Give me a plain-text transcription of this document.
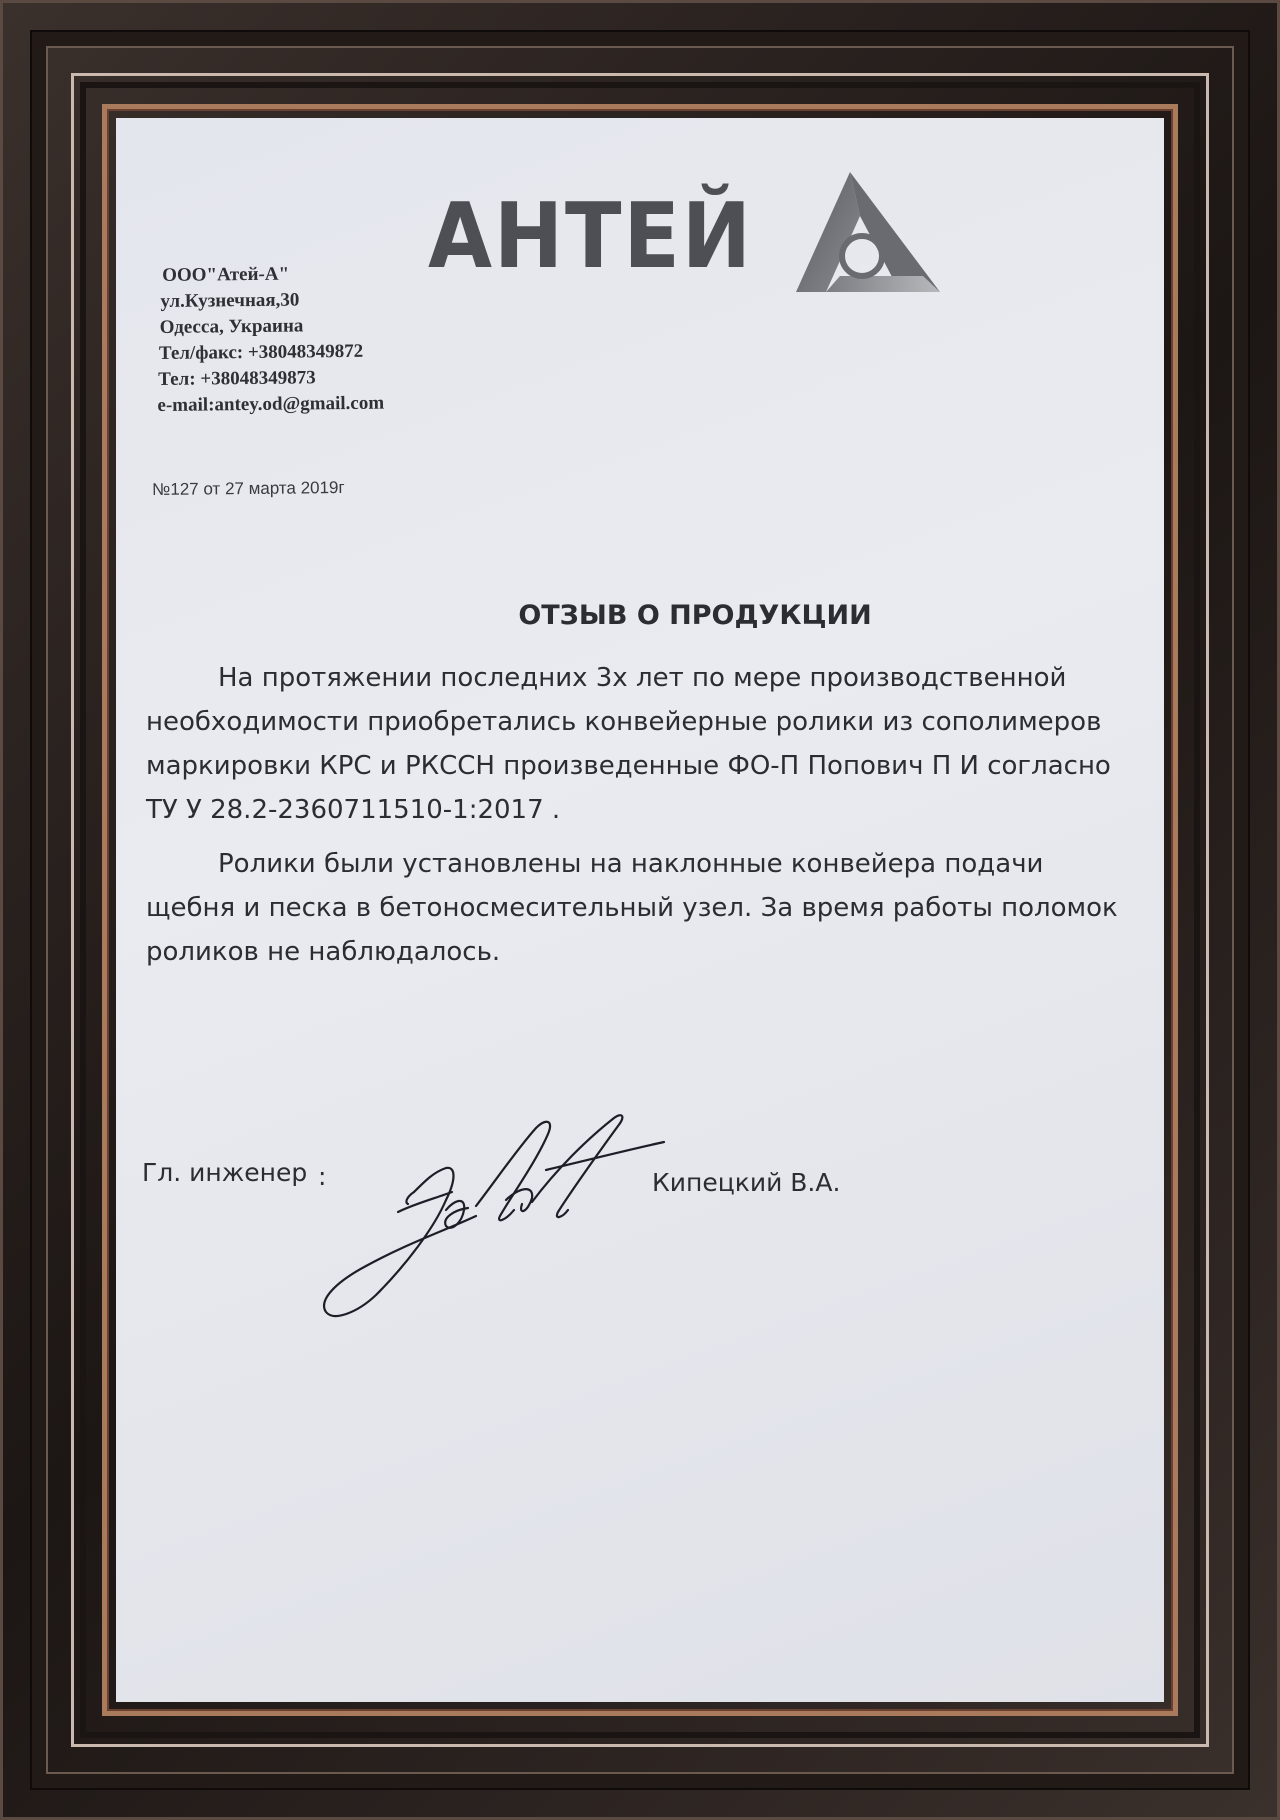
АНТЕЙ	А
ООО"Атей-А"
ул.Кузнечная,30
Одесса, Украина
Тел/факс: +38048349872
Тел: +38048349873
e-mail:antey.od@gmail.com
№127 от 27 марта 2019г
ОТЗЫВ О ПРОДУКЦИИ

На протяжении последних 3х лет по мере производственной необходимости приобретались конвейерные ролики из сополимеров маркировки КРС и РКССН произведенные ФО-П Попович П И согласно ТУ У 28.2-2360711510-1:2017 .

Ролики были установлены на наклонные конвейера подачи щебня и песка в бетоносмесительный узел. За время работы поломок роликов не наблюдалось.

Гл. инженер :	Кипецкий В.А.
